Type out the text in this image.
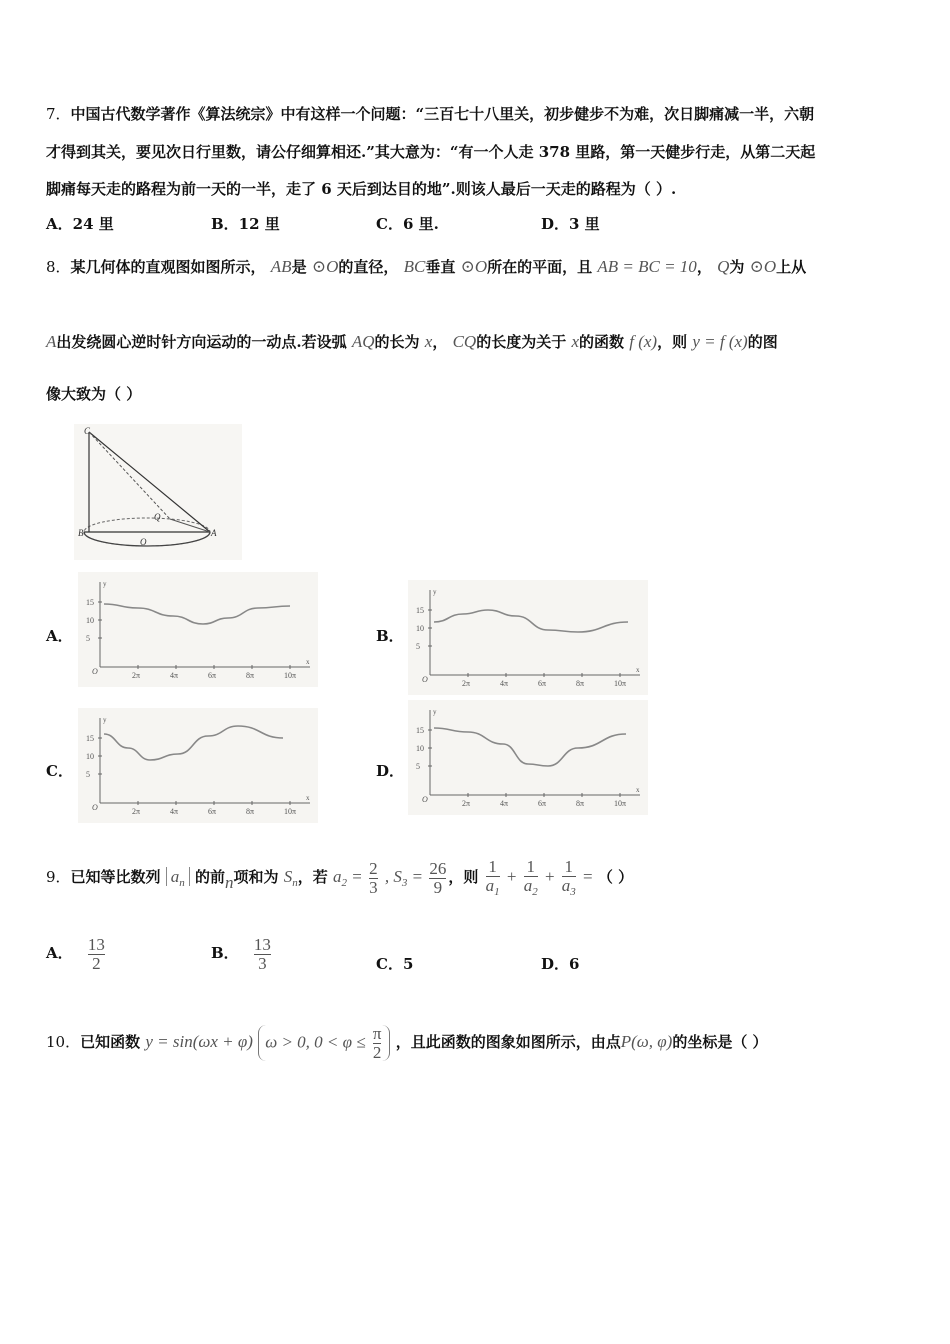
7．中国古代数学著作《算法统宗》中有这样一个问题：“三百七十八里关，初步健步不为难，次日脚痛减一半，六朝
才得到其关，要见次日行里数，请公仔细算相还.”其大意为：“有一个人走 378 里路，第一天健步行走，从第二天起
脚痛每天走的路程为前一天的一半，走了 6 天后到达目的地”.则该人最后一天走的路程为（ ）.
A．24 里	B．12 里	C．6 里.	D．3 里
8．某几何体的直观图如图所示， AB是 ⊙O的直径， BC垂直 ⊙O所在的平面，且 AB = BC = 10， Q为 ⊙O上从
A出发绕圆心逆时针方向运动的一动点.若设弧 AQ的长为 x， CQ的长度为关于 x的函数 f (x)，则 y = f (x)的图
像大致为（ ）
C
B	A
O
Q
A．	B．
C．	D．
y
x
O
15
10
5
2π	4π	6π	8π	10π
y
x
O
15
10
5
2π	4π	6π	8π	10π
y
x
O
15
10
5
2π	4π	6π	8π	10π
y
x
O
15
10
5
2π	4π	6π	8π	10π
9．已知等比数列 $a_n$ 的前n项和为 $S_n$，若 $a_2 = \frac{2}{3}$ , $S_3 = \frac{26}{9}$ ，则 $\frac{1}{a_1} + \frac{1}{a_2} + \frac{1}{a_3}$ = （ ）
A． $\frac{13}{2}$	B． $\frac{13}{3}$	C．5	D．6
10．已知函数 y = sin(ωx + φ) ω > 0, $0 < \varphi \le \frac{\pi}{2}$ ，且此函数的图象如图所示，由点P(ω, φ)的坐标是（ ）
